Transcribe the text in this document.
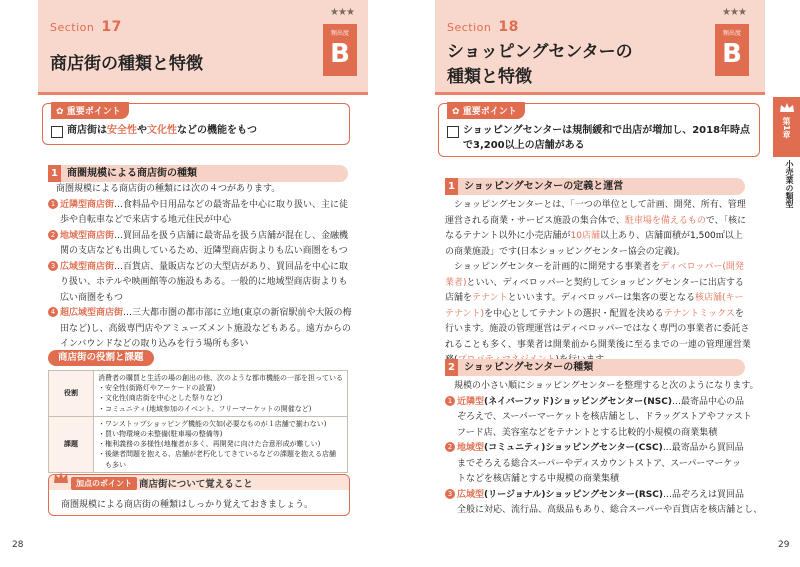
Section 17
商店街の種類と特徴
★★★
頻出度
B
✿ 重要ポイント
商店街は安全性や文化性などの機能をもつ
1 商圏規模による商店街の種類

商圏規模による商店街の種類には次の４つがあります。

1 近隣型商店街…食料品や日用品などの最寄品を中心に取り扱い、主に徒

歩や自転車などで来店する地元住民が中心

2 地域型商店街…買回品を扱う店舗に最寄品を扱う店舗が混在し、金融機

関の支店なども出典しているため、近隣型商店街よりも広い商圏をもつ

3 広域型商店街…百貨店、量販店などの大型店があり、買回品を中心に取

り扱い、ホテルや映画館等の施設もある。一般的に地域型商店街よりも

広い商圏をもつ

4 超広域型商店街…三大都市圏の都市部に立地(東京の新宿駅前や大阪の梅

田など)し、高級専門店やアミューズメント施設などもある。遠方からの

インバウンドなどの取り込みを行う場所も多い

商店街の役割と課題
役割	消費者の購買と生活の場の創出の他、次のような都市機能の一部を担っている
・安全性(街路灯やアーケードの設置)
・文化性(商店街を中心とした祭りなど)
・コミュニティ(地域参加のイベント、フリーマーケットの開催など)

課題	・ワンストップショッピング機能の欠如(必要なものが１店舗で揃わない)
・買い物環境の未整備(駐車場の整備等)
・権利義務の多様性(地権者が多く、再開発に向けた合意形成が難しい)
・後継者問題を抱える、店舗が老朽化してきているなどの課題を抱える店舗
　も多い
加点のポイント 商店街について覚えること
商圏規模による商店街の種類はしっかり覚えておきましょう。
28
Section 18
ショッピングセンターの
種類と特徴
★★★
頻出度
B
✿ 重要ポイント
ショッピングセンターは規制緩和で出店が増加し、2018年時点
で3,200以上の店舗がある
1 ショッピングセンターの定義と運営

ショッピングセンターとは、「一つの単位として計画、開発、所有、管理

運営される商業・サービス施設の集合体で、駐車場を備えるもので、「核に

なるテナント以外に小売店舗が10店舗以上あり、店舗面積が1,500㎡以上

の商業施設」です(日本ショッピングセンター協会の定義)。

ショッピングセンターを計画的に開発する事業者をディベロッパー(開発

業者)といい、ディベロッパーと契約してショッピングセンターに出店する

店舗をテナントといいます。ディベロッパーは集客の要となる核店舗(キー

テナント)を中心としてテナントの選択・配置を決めるテナントミックスを

行います。施設の管理運営はディベロッパーではなく専門の事業者に委託さ

れることも多く、事業者は開業前から開業後に至るまでの一連の管理運営業

2 ショッピングセンターの種類

規模の小さい順にショッピングセンターを整理すると次のようになります。

1 近隣型(ネイバーフッド)ショッピングセンター(NSC)…最寄品中心の品

ぞろえで、スーパーマーケットを核店舗とし、ドラッグストアやファスト

フード店、美容室などをテナントとする比較的小規模の商業集積

2 地域型(コミュニティ)ショッピングセンター(CSC)…最寄品から買回品

までそろえる総合スーパーやディスカウントストア、スーパーマーケッ

トなどを核店舗とする中規模の商業集積

3 広域型(リージョナル)ショッピングセンター(RSC)…品ぞろえは買回品

全般に対応、流行品、高級品もあり、総合スーパーや百貨店を核店舗とし、

29
第1章
小売業の類型
